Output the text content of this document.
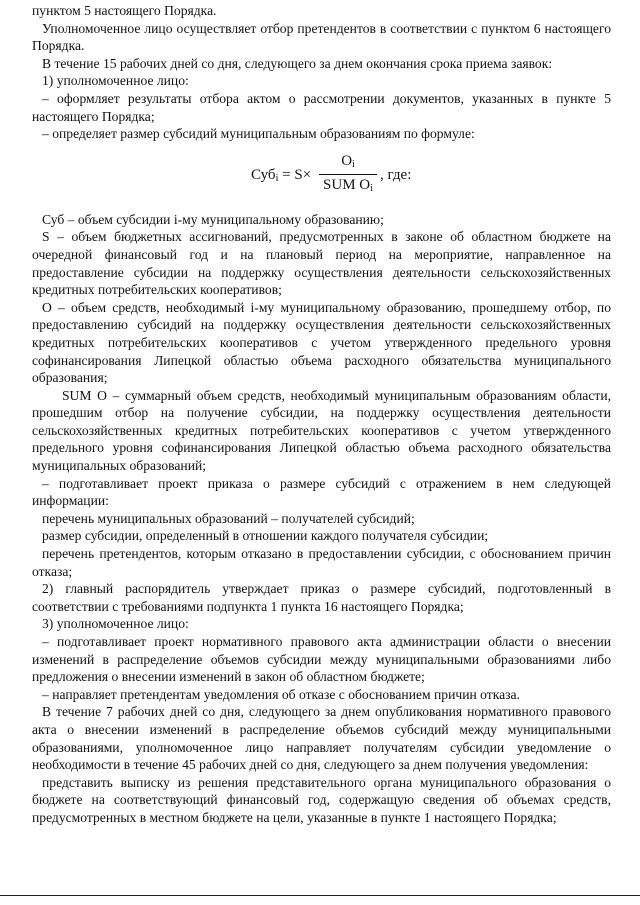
пунктом 5 настоящего Порядка.

Уполномоченное лицо осуществляет отбор претендентов в соответствии с пунктом 6 настоящего Порядка.

В течение 15 рабочих дней со дня, следующего за днем окончания срока приема заявок:

1) уполномоченное лицо:

– оформляет результаты отбора актом о рассмотрении документов, указанных в пункте 5 настоящего Порядка;

– определяет размер субсидий муниципальным образованиям по формуле:

Суб$_i$ = S×
$O_i$
SUM $O_i$
, где:

Суб – объем субсидии i-му муниципальному образованию;

S – объем бюджетных ассигнований, предусмотренных в законе об областном бюджете на очередной финансовый год и на плановый период на мероприятие, направленное на предоставление субсидии на поддержку осуществления деятельности сельскохозяйственных кредитных потребительских кооперативов;

O – объем средств, необходимый i-му муниципальному образованию, прошедшему отбор, по предоставлению субсидий на поддержку осуществления деятельности сельскохозяйственных кредитных потребительских кооперативов с учетом утвержденного предельного уровня софинансирования Липецкой областью объема расходного обязательства муниципального образования;

SUM O – суммарный объем средств, необходимый муниципальным образованиям области, прошедшим отбор на получение субсидии, на поддержку осуществления деятельности сельскохозяйственных кредитных потребительских кооперативов с учетом утвержденного предельного уровня софинансирования Липецкой областью объема расходного обязательства муниципальных образований;

– подготавливает проект приказа о размере субсидий с отражением в нем следующей информации:

перечень муниципальных образований – получателей субсидий;

размер субсидии, определенный в отношении каждого получателя субсидии;

перечень претендентов, которым отказано в предоставлении субсидии, с обоснованием причин отказа;

2) главный распорядитель утверждает приказ о размере субсидий, подготовленный в соответствии с требованиями подпункта 1 пункта 16 настоящего Порядка;

3) уполномоченное лицо:

– подготавливает проект нормативного правового акта администрации области о внесении изменений в распределение объемов субсидии между муниципальными образованиями либо предложения о внесении изменений в закон об областном бюджете;

– направляет претендентам уведомления об отказе с обоснованием причин отказа.

В течение 7 рабочих дней со дня, следующего за днем опубликования нормативного правового акта о внесении изменений в распределение объемов субсидий между муниципальными образованиями, уполномоченное лицо направляет получателям субсидии уведомление о необходимости в течение 45 рабочих дней со дня, следующего за днем получения уведомления:

представить выписку из решения представительного органа муниципального образования о бюджете на соответствующий финансовый год, содержащую сведения об объемах средств, предусмотренных в местном бюджете на цели, указанные в пункте 1 настоящего Порядка;
